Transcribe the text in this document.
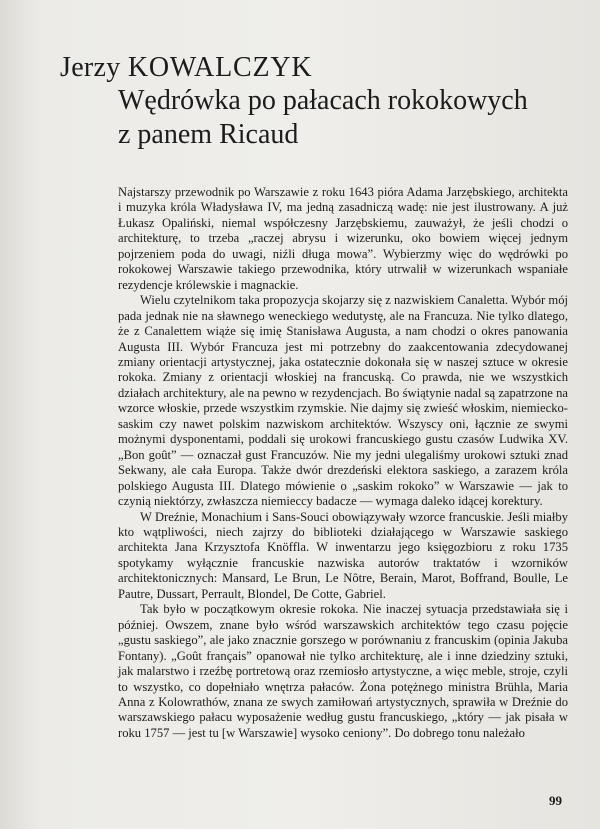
Jerzy KOWALCZYK
Wędrówka po pałacach rokokowych
z panem Ricaud

Najstarszy przewodnik po Warszawie z roku 1643 pióra Adama Jarzębskiego, architekta i muzyka króla Władysława IV, ma jedną zasadniczą wadę: nie jest ilustrowany. A już Łukasz Opaliński, niemal współczesny Jarzębskiemu, zauważył, że jeśli chodzi o architekturę, to trzeba „raczej abrysu i wizerunku, oko bowiem więcej jednym pojrzeniem poda do uwagi, niźli długa mowa”. Wybierzmy więc do wędrówki po rokokowej Warszawie takiego przewodnika, który utrwalił w wizerunkach wspaniałe rezydencje królewskie i magnackie.

Wielu czytelnikom taka propozycja skojarzy się z nazwiskiem Canaletta. Wybór mój pada jednak nie na sławnego weneckiego wedutystę, ale na Francuza. Nie tylko dlatego, że z Canalettem wiąże się imię Stanisława Augusta, a nam chodzi o okres panowania Augusta III. Wybór Francuza jest mi potrzebny do zaakcentowania zdecydowanej zmiany orientacji artystycznej, jaka ostatecznie dokonała się w naszej sztuce w okresie rokoka. Zmiany z orientacji włoskiej na francuską. Co prawda, nie we wszystkich działach architektury, ale na pewno w rezydencjach. Bo świątynie nadal są zapatrzone na wzorce włoskie, przede wszystkim rzymskie. Nie dajmy się zwieść włoskim, niemiecko-saskim czy nawet polskim nazwiskom architektów. Wszyscy oni, łącznie ze swymi możnymi dysponentami, poddali się urokowi francuskiego gustu czasów Ludwika XV. „Bon goût” — oznaczał gust Francuzów. Nie my jedni ulegaliśmy urokowi sztuki znad Sekwany, ale cała Europa. Także dwór drezdeński elektora saskiego, a zarazem króla polskiego Augusta III. Dlatego mówienie o „saskim rokoko” w Warszawie — jak to czynią niektórzy, zwłaszcza niemieccy badacze — wymaga daleko idącej korektury.

W Dreźnie, Monachium i Sans-Souci obowiązywały wzorce francuskie. Jeśli miałby kto wątpliwości, niech zajrzy do biblioteki działającego w Warszawie saskiego architekta Jana Krzysztofa Knöffla. W inwentarzu jego księgozbioru z roku 1735 spotykamy wyłącznie francuskie nazwiska autorów traktatów i wzorników architektonicznych: Mansard, Le Brun, Le Nôtre, Berain, Marot, Boffrand, Boulle, Le Pautre, Dussart, Perrault, Blondel, De Cotte, Gabriel.

Tak było w początkowym okresie rokoka. Nie inaczej sytuacja przedstawiała się i później. Owszem, znane było wśród warszawskich architektów tego czasu pojęcie „gustu saskiego”, ale jako znacznie gorszego w porównaniu z francuskim (opinia Jakuba Fontany). „Goût français” opanował nie tylko architekturę, ale i inne dziedziny sztuki, jak malarstwo i rzeźbę portretową oraz rzemiosło artystyczne, a więc meble, stroje, czyli to wszystko, co dopełniało wnętrza pałaców. Żona potężnego ministra Brühla, Maria Anna z Kolowrathów, znana ze swych zamiłowań artystycznych, sprawiła w Dreźnie do warszawskiego pałacu wyposażenie według gustu francuskiego, „który — jak pisała w roku 1757 — jest tu [w Warszawie] wysoko ceniony”. Do dobrego tonu należało

99
